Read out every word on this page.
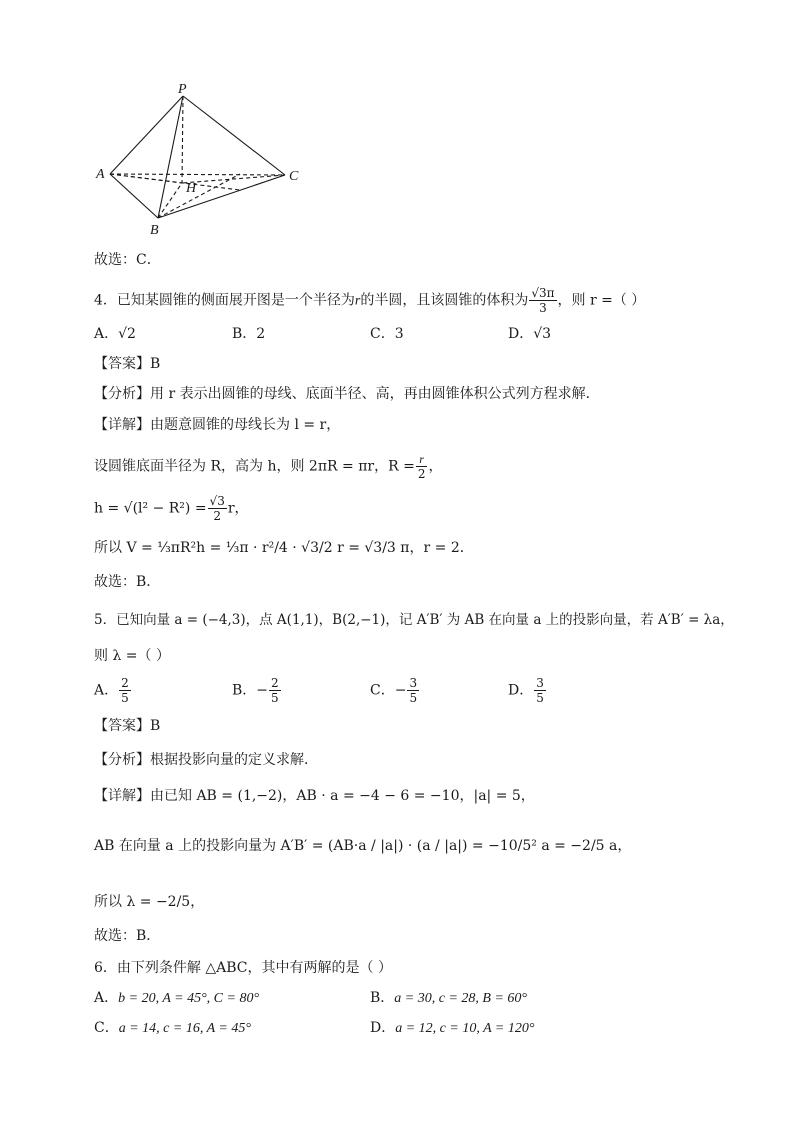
P
A	C
B
H
故选：C．
4．已知某圆锥的侧面展开图是一个半径为r的半圆，且该圆锥的体积为 $\frac{√3\pi}{3}$ ，则 r =（ ）
A．√2	B．2	C．3	D．√3
【答案】B
【分析】用 r 表示出圆锥的母线、底面半径、高，再由圆锥体积公式列方程求解．
【详解】由题意圆锥的母线长为 l = r，
设圆锥底面半径为 R，高为 h，则 2πR = πr，$R = \frac{r}{2}$ ，
$h = √(l^2 - R^2) = \frac{√3}{2}$ r，
所以 V = ⅓πR²h = ⅓π · r²/4 · √3/2 r = √3/3 π，r = 2．
故选：B．
5．已知向量 a = (−4,3)，点 A(1,1)，B(2,−1)，记 A′B′ 为 AB 在向量 a 上的投影向量，若 A′B′ = λa，
则 λ =（ ）
A． $\frac{2}{5}$	B．− $\frac{2}{5}$	C．− $\frac{3}{5}$	D． $\frac{3}{5}$
【答案】B
【分析】根据投影向量的定义求解．
【详解】由已知 AB = (1,−2)，AB · a = −4 − 6 = −10，|a| = 5，
AB 在向量 a 上的投影向量为 A′B′ = (AB·a / |a|) · (a / |a|) = −10/5² a = −2/5 a，
所以 λ = −2/5，
故选：B．
6．由下列条件解 △ABC，其中有两解的是（ ）
A．b = 20, A = 45°, C = 80°	B．a = 30, c = 28, B = 60°
C．a = 14, c = 16, A = 45°	D．a = 12, c = 10, A = 120°
